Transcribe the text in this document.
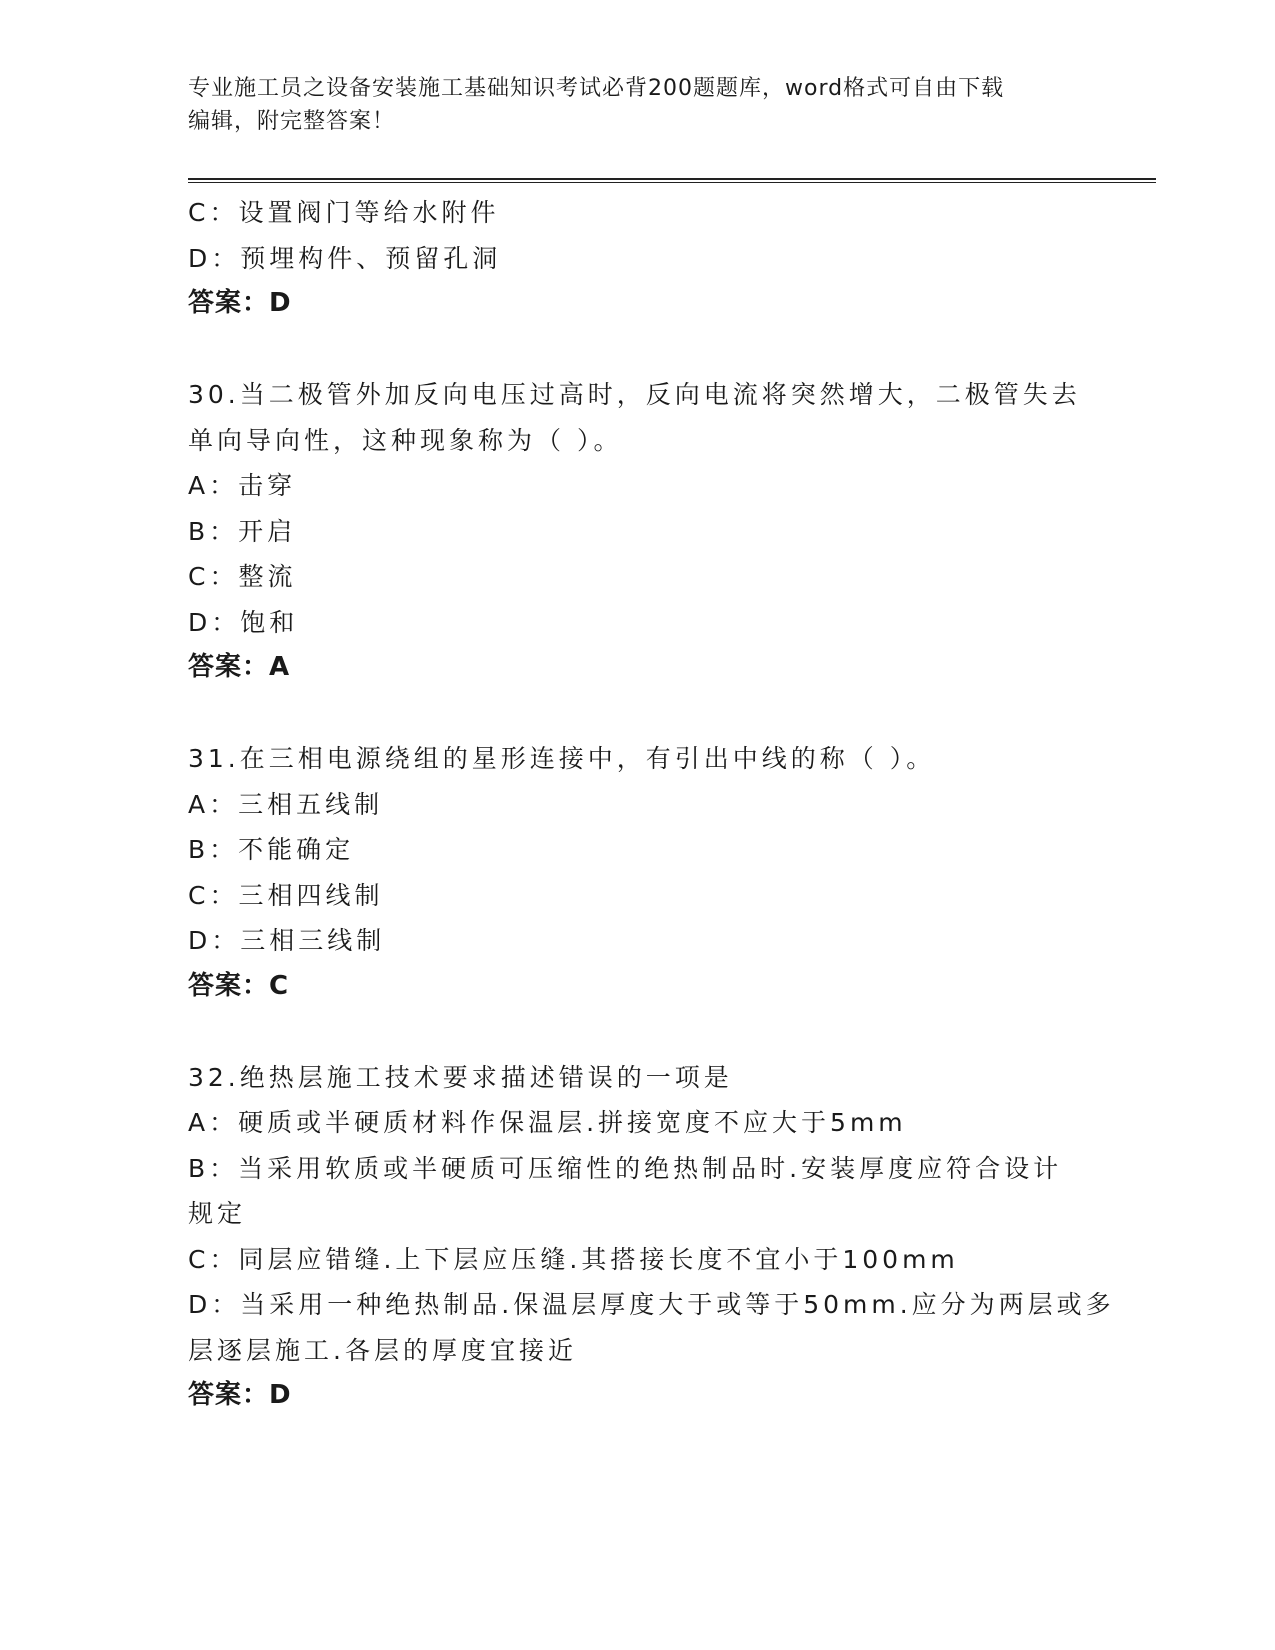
专业施工员之设备安装施工基础知识考试必背200题题库，word格式可自由下载
编辑，附完整答案！
C：设置阀门等给水附件
D：预埋构件、预留孔洞
答案：D
30.当二极管外加反向电压过高时，反向电流将突然增大，二极管失去
单向导向性，这种现象称为（ ）。
A：击穿
B：开启
C：整流
D：饱和
答案：A
31.在三相电源绕组的星形连接中，有引出中线的称（ ）。
A：三相五线制
B：不能确定
C：三相四线制
D：三相三线制
答案：C
32.绝热层施工技术要求描述错误的一项是
A：硬质或半硬质材料作保温层.拼接宽度不应大于5mm
B：当采用软质或半硬质可压缩性的绝热制品时.安装厚度应符合设计
规定
C：同层应错缝.上下层应压缝.其搭接长度不宜小于100mm
D：当采用一种绝热制品.保温层厚度大于或等于50mm.应分为两层或多
层逐层施工.各层的厚度宜接近
答案：D
